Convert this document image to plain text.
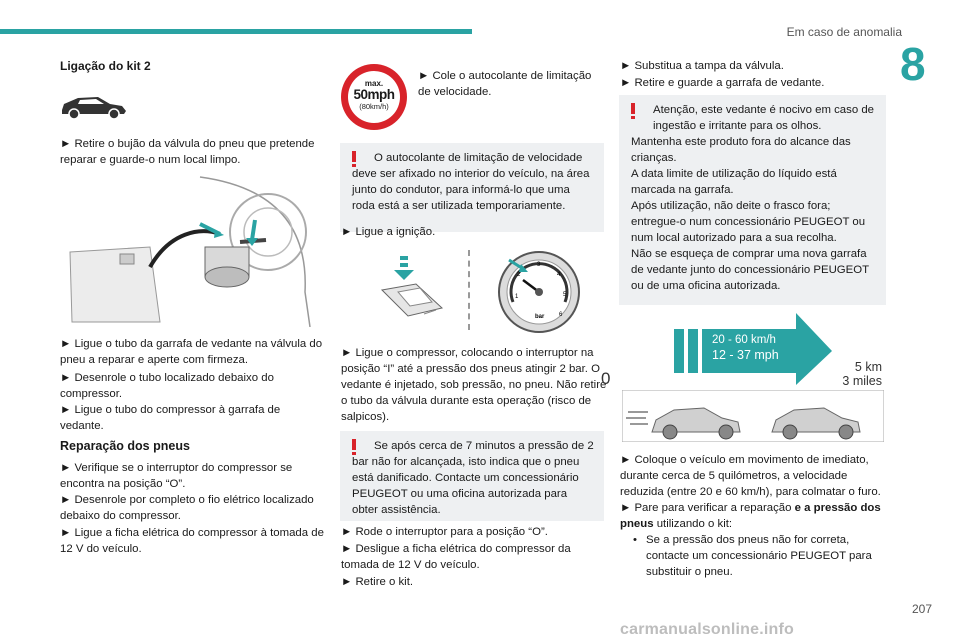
Em caso de anomalia
8
Ligação do kit 2

► Retire o bujão da válvula do pneu que pretende reparar e guarde-o num local limpo.

► Ligue o tubo da garrafa de vedante na válvula do pneu a reparar e aperte com firmeza.

► Desenrole o tubo localizado debaixo do compressor.

► Ligue o tubo do compressor à garrafa de vedante.

Reparação dos pneus

► Verifique se o interruptor do compressor se encontra na posição “O”.

► Desenrole por completo o fio elétrico localizado debaixo do compressor.

► Ligue a ficha elétrica do compressor à tomada de 12 V do veículo.

max.
50mph
(80km/h)

► Cole o autocolante de limitação de velocidade.

O autocolante de limitação de velocidade deve ser afixado no interior do veículo, na área junto do condutor, para informá-lo que uma roda está a ser utilizada temporariamente.

► Ligue a ignição.

1
2
3
4
5
6
bar

► Ligue o compressor, colocando o interruptor na posição “I” até a pressão dos pneus atingir 2 bar. O vedante é injetado, sob pressão, no pneu. Não retire o tubo da válvula durante esta operação (risco de salpicos).

Se após cerca de 7 minutos a pressão de 2 bar não for alcançada, isto indica que o pneu está danificado. Contacte um concessionário PEUGEOT ou uma oficina autorizada para obter assistência.

► Rode o interruptor para a posição “O”.

► Desligue a ficha elétrica do compressor da tomada de 12 V do veículo.

► Retire o kit.

► Substitua a tampa da válvula.

► Retire e guarde a garrafa de vedante.

Atenção, este vedante é nocivo em caso de ingestão e irritante para os olhos.

Mantenha este produto fora do alcance das crianças.
A data limite de utilização do líquido está marcada na garrafa.
Após utilização, não deite o frasco fora; entregue-o num concessionário PEUGEOT ou num local autorizado para a sua recolha.
Não se esqueça de comprar uma nova garrafa de vedante junto do concessionário PEUGEOT ou de uma oficina autorizada.

20 - 60 km/h
12 - 37 mph
0
5 km
3 miles

► Coloque o veículo em movimento de imediato, durante cerca de 5 quilómetros, a velocidade reduzida (entre 20 e 60 km/h), para colmatar o furo.

► Pare para verificar a reparação e a pressão dos pneus utilizando o kit:

• Se a pressão dos pneus não for correta, contacte um concessionário PEUGEOT para substituir o pneu.

207
carmanualsonline.info
